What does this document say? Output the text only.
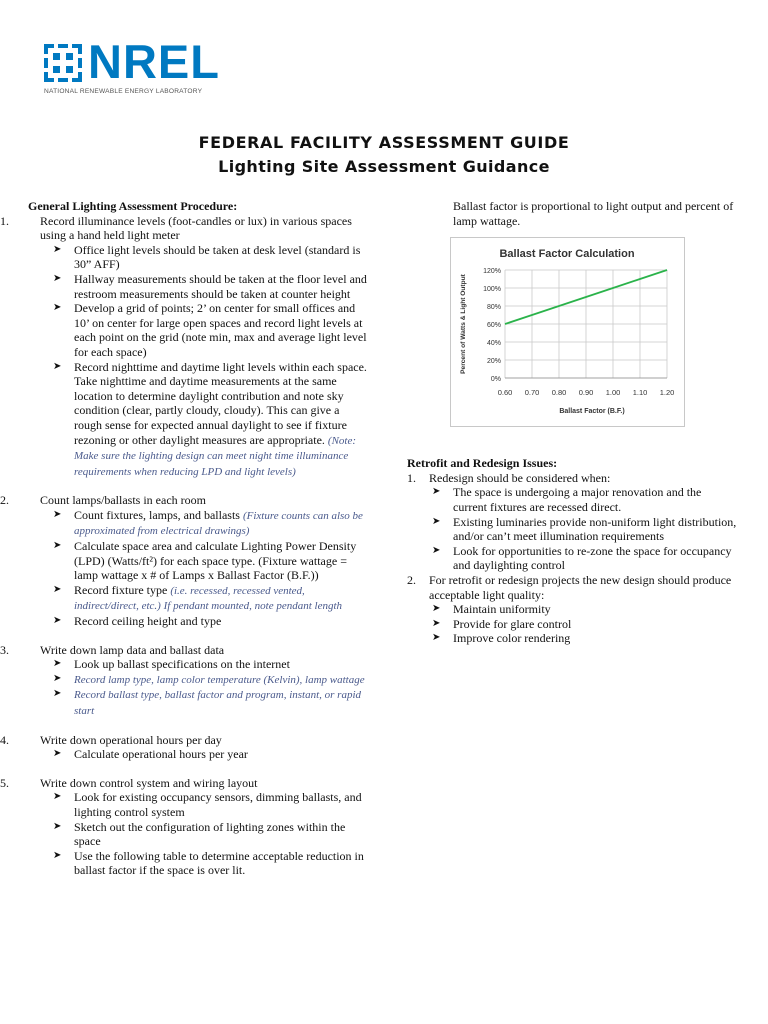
NREL
NATIONAL RENEWABLE ENERGY LABORATORY
FEDERAL FACILITY ASSESSMENT GUIDE
Lighting Site Assessment Guidance
General Lighting Assessment Procedure:
1.	Record illuminance levels (foot-candles or lux) in various spaces using a hand held light meter
➤ Office light levels should be taken at desk level (standard is 30” AFF)
➤ Hallway measurements should be taken at the floor level and restroom measurements should be taken at counter height
➤ Develop a grid of points; 2’ on center for small offices and 10’ on center for large open spaces and record light levels at each point on the grid (note min, max and average light level for each space)
➤ Record nighttime and daytime light levels within each space. Take nighttime and daytime measurements at the same location to determine daylight contribution and note sky condition (clear, partly cloudy, cloudy). This can give a rough sense for expected annual daylight to see if fixture rezoning or other daylight measures are appropriate. (Note: Make sure the lighting design can meet night time illuminance requirements when reducing LPD and light levels)
2.	Count lamps/ballasts in each room
➤ Count fixtures, lamps, and ballasts (Fixture counts can also be approximated from electrical drawings)
➤ Calculate space area and calculate Lighting Power Density (LPD) (Watts/ft²) for each space type. (Fixture wattage = lamp wattage x # of Lamps x Ballast Factor (B.F.))
➤ Record fixture type (i.e. recessed, recessed vented, indirect/direct, etc.) If pendant mounted, note pendant length
➤ Record ceiling height and type
3.	Write down lamp data and ballast data
➤ Look up ballast specifications on the internet
➤ Record lamp type, lamp color temperature (Kelvin), lamp wattage
➤ Record ballast type, ballast factor and program, instant, or rapid start
4.	Write down operational hours per day
➤ Calculate operational hours per year
5.	Write down control system and wiring layout
➤ Look for existing occupancy sensors, dimming ballasts, and lighting control system
➤ Sketch out the configuration of lighting zones within the space
➤ Use the following table to determine acceptable reduction in ballast factor if the space is over lit.
Ballast factor is proportional to light output and percent of lamp wattage.
Retrofit and Redesign Issues:
1.	Redesign should be considered when:
➤ The space is undergoing a major renovation and the current fixtures are recessed direct.
➤ Existing luminaries provide non-uniform light distribution, and/or can’t meet illumination requirements
➤ Look for opportunities to re-zone the space for occupancy and daylighting control
2.	For retrofit or redesign projects the new design should produce acceptable light quality:
➤ Maintain uniformity
➤ Provide for glare control
➤ Improve color rendering
Ballast Factor Calculation
0%
20%
40%
60%
80%
100%
120%
0.60 0.70 0.80 0.90 1.00 1.10 1.20
Ballast Factor (B.F.)
Percent of Watts & Light Output
